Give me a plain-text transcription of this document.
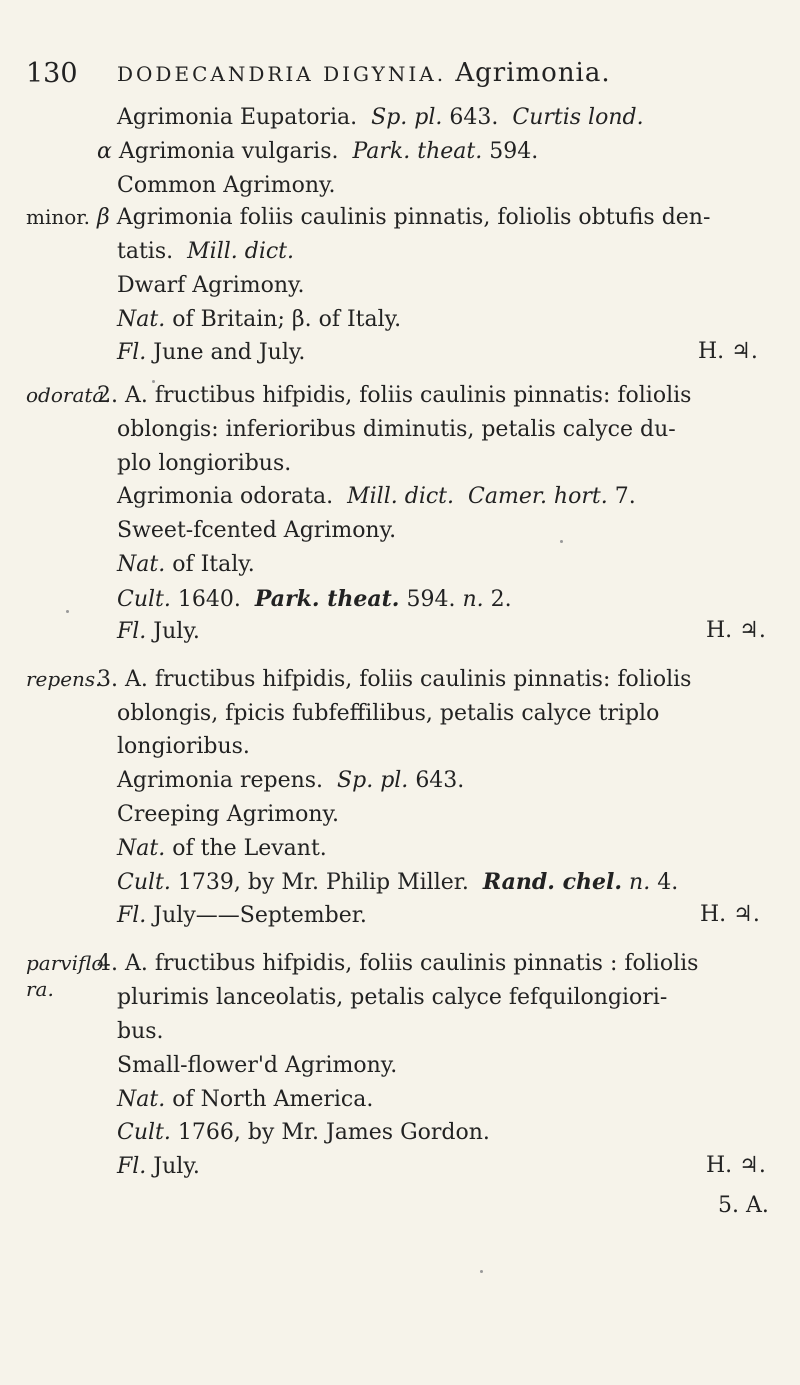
130 DODECANDRIA DIGYNIA. Agrimonia.
Agrimonia Eupatoria. Sp. pl. 643. Curtis lond.
α Agrimonia vulgaris. Park. theat. 594.
Common Agrimony.
minor. β Agrimonia foliis caulinis pinnatis, foliolis obtufis den-
tatis. Mill. dict.
Dwarf Agrimony.
Nat. of Britain; β. of Italy.
Fl. June and July.	H. ♃.
odorata.
2. A. fructibus hifpidis, foliis caulinis pinnatis: foliolis
oblongis: inferioribus diminutis, petalis calyce du-
plo longioribus.
Agrimonia odorata. Mill. dict. Camer. hort. 7.
Sweet-fcented Agrimony.
Nat. of Italy.
Cult. 1640. Park. theat. 594. n. 2.
Fl. July.	H. ♃.
repens.
3. A. fructibus hifpidis, foliis caulinis pinnatis: foliolis
oblongis, fpicis fubfeffilibus, petalis calyce triplo
longioribus.
Agrimonia repens. Sp. pl. 643.
Creeping Agrimony.
Nat. of the Levant.
Cult. 1739, by Mr. Philip Miller. Rand. chel. n. 4.
Fl. July——September.	H. ♃.
parviflo-
ra.
4. A. fructibus hifpidis, foliis caulinis pinnatis : foliolis
plurimis lanceolatis, petalis calyce fefquilongiori-
bus.
Small-flower'd Agrimony.
Nat. of North America.
Cult. 1766, by Mr. James Gordon.
Fl. July.	H. ♃.
5. A.
